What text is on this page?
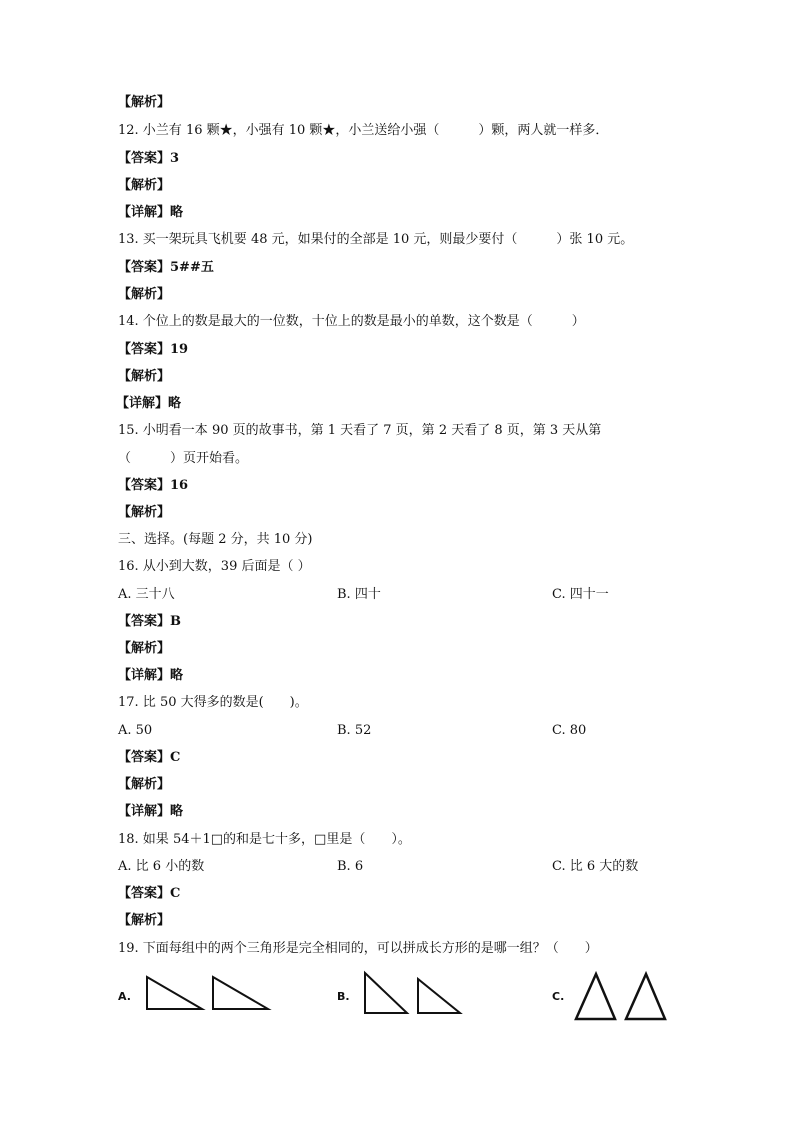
【解析】
12. 小兰有 16 颗★，小强有 10 颗★，小兰送给小强（　　　）颗，两人就一样多．
【答案】3
【解析】
【详解】略
13. 买一架玩具飞机要 48 元，如果付的全部是 10 元，则最少要付（　　　）张 10 元。
【答案】5##五
【解析】
14. 个位上的数是最大的一位数，十位上的数是最小的单数，这个数是（　　　）
【答案】19
【解析】
【详解】略
15. 小明看一本 90 页的故事书，第 1 天看了 7 页，第 2 天看了 8 页，第 3 天从第
（　　　）页开始看。
【答案】16
【解析】
三、选择。(每题 2 分，共 10 分)
16. 从小到大数，39 后面是（ ）
A. 三十八	B. 四十	C. 四十一
【答案】B
【解析】
【详解】略
17. 比 50 大得多的数是(　　)。
A. 50	B. 52	C. 80
【答案】C
【解析】
【详解】略
18. 如果 54＋1□的和是七十多，□里是（　　）。
A. 比 6 小的数	B. 6	C. 比 6 大的数
【答案】C
【解析】
19. 下面每组中的两个三角形是完全相同的，可以拼成长方形的是哪一组？（　　）
A.	B.	C.
